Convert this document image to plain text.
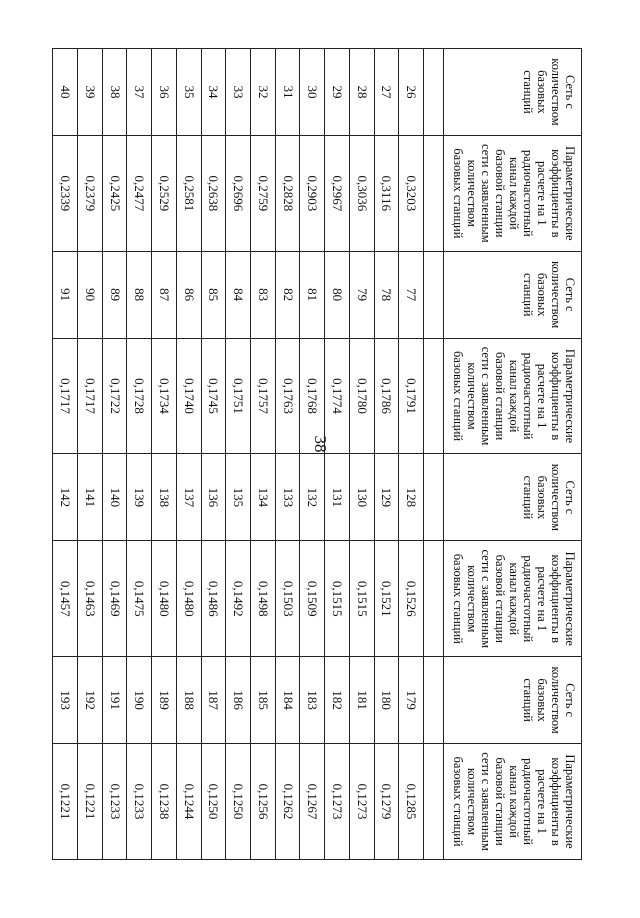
38
Сеть с количеством базовых станций	Параметрические коэффициенты в расчете на 1 радиочастотный канал каждой базовой станции сети с заявленным количеством базовых станций	Сеть с количеством базовых станций	Параметрические коэффициенты в расчете на 1 радиочастотный канал каждой базовой станции сети с заявленным количеством базовых станций	Сеть с количеством базовых станций	Параметрические коэффициенты в расчете на 1 радиочастотный канал каждой базовой станции сети с заявленным количеством базовых станций	Сеть с количеством базовых станций	Параметрические коэффициенты в расчете на 1 радиочастотный канал каждой базовой станции сети с заявленным количеством базовых станций

26	0,3203	77	0,1791	128	0,1526	179	0,1285
27	0,3116	78	0,1786	129	0,1521	180	0,1279
28	0,3036	79	0,1780	130	0,1515	181	0,1273
29	0,2967	80	0,1774	131	0,1515	182	0,1273
30	0,2903	81	0,1768	132	0,1509	183	0,1267
31	0,2828	82	0,1763	133	0,1503	184	0,1262
32	0,2759	83	0,1757	134	0,1498	185	0,1256
33	0,2696	84	0,1751	135	0,1492	186	0,1250
34	0,2638	85	0,1745	136	0,1486	187	0,1250
35	0,2581	86	0,1740	137	0,1480	188	0,1244
36	0,2529	87	0,1734	138	0,1480	189	0,1238
37	0,2477	88	0,1728	139	0,1475	190	0,1233
38	0,2425	89	0,1722	140	0,1469	191	0,1233
39	0,2379	90	0,1717	141	0,1463	192	0,1221
40	0,2339	91	0,1717	142	0,1457	193	0,1221
